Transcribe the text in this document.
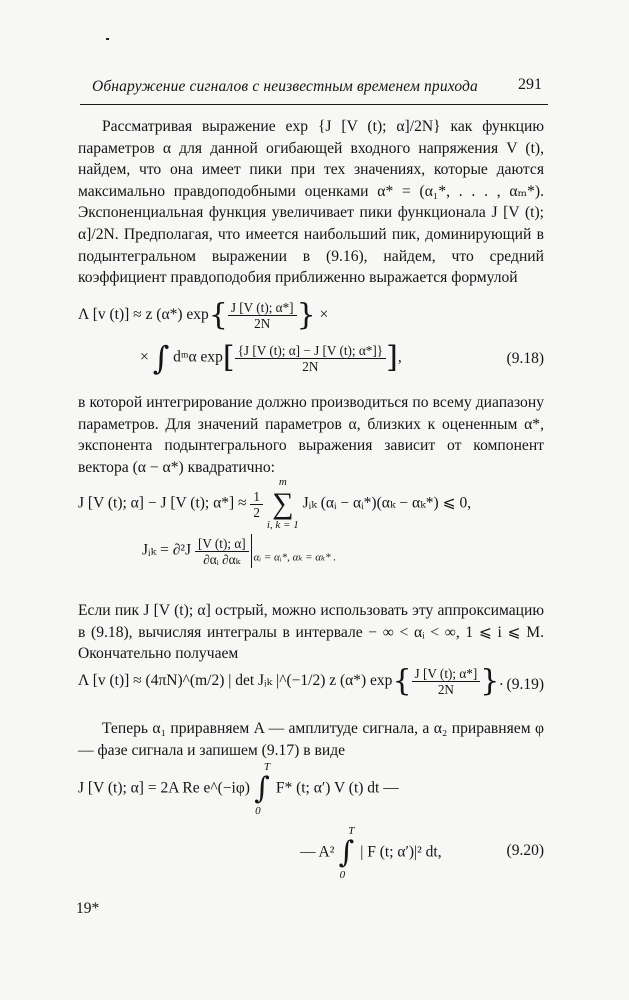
Обнаружение сигналов с неизвестным временем прихода	291

Рассматривая выражение exp {J [V (t); α]/2N} как функцию параметров α для данной огибающей входного напряжения V (t), найдем, что она имеет пики при тех значениях, которые даются максимально правдоподобными оценками α* = (α₁*, . . . , αₘ*). Экспоненциальная функция увеличивает пики функционала J [V (t); α]/2N. Предполагая, что имеется наибольший пик, доминирующий в подынтегральном выражении в (9.16), найдем, что средний коэффициент правдоподобия приближенно выражается формулой

Λ [v (t)] ≈ z (α*) $\exp\{ \frac{J [V (t); \alpha*]}{2N}$ } ×
× ∫ dᵐα $\exp[ \frac{\{J [V (t); \alpha] - J [V (t); \alpha*]\}}{2N}$ ],	(9.18)

в которой интегрирование должно производиться по всему диапазону параметров. Для значений параметров α, близких к оцененным α*, экспонента подынтегрального выражения зависит от компонент вектора (α − α*) квадратично:

J [V (t); α] − J [V (t); $\alpha*] \approx \frac{1}{2}$

m
∑
i, k = 1
Jᵢₖ (αᵢ − αᵢ*)(αₖ − αₖ*) ⩽ 0,
Jᵢₖ = $\partial^2J \frac{[V (t); \alpha]}{\text{∂αᵢ ∂αₖ}} _{\alpha ᵢ = \alpha ᵢ*, \alpha_k = \alpha_k* .}$

Если пик J [V (t); α] острый, можно использовать эту аппроксимацию в (9.18), вычисляя интегралы в интервале − ∞ < αᵢ < ∞, 1 ⩽ i ⩽ M. Окончательно получаем

Λ [v (t)] ≈ (4πN)^(m/2) | det Jᵢₖ |^(−1/2) z (α*) $\exp\{ \frac{J [V (t); \alpha*]}{2N}$ }. (9.19)

Теперь α₁ приравняем A — амплитуде сигнала, а α₂ приравняем φ — фазе сигнала и запишем (9.17) в виде

J [V (t); α] = 2A Re e^(−iφ)
T
∫
0
F* (t; α′) V (t) dt —
— A²
T
∫
0
| F (t; α′)|² dt,	(9.20)
19*
